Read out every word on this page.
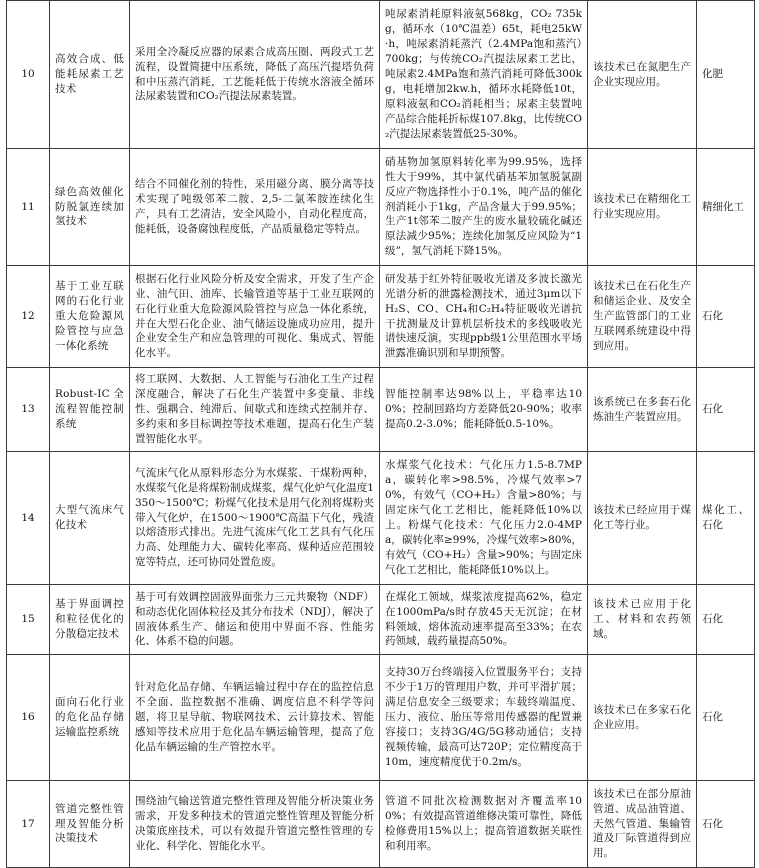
10	高效合成、低能耗尿素工艺技术	采用全冷凝反应器的尿素合成高压圈、两段式工艺流程，设置简捷中压系统，降低了高压汽提塔负荷和中压蒸汽消耗，工艺能耗低于传统水溶液全循环法尿素装置和CO₂汽提法尿素装置。	吨尿素消耗原料液氨568kg，CO₂ 735kg，循环水（10℃温差）65t，耗电25kW·h，吨尿素消耗蒸汽（2.4MPa饱和蒸汽）700kg；与传统CO₂汽提法尿素工艺比，吨尿素2.4MPa饱和蒸汽消耗可降低300kg，电耗增加2kw.h，循环水耗降低10t，原料液氨和CO₂消耗相当；尿素主装置吨产品综合能耗折标煤107.8kg，比传统CO₂汽提法尿素装置低25-30%。	该技术已在氮肥生产企业实现应用。	化肥
11	绿色高效催化防脱氯连续加氢技术	结合不同催化剂的特性，采用磁分离、膜分离等技术实现了吨级邻苯二胺、2,5-二氯苯胺连续化生产，具有工艺清洁，安全风险小，自动化程度高，能耗低，设备腐蚀程度低，产品质量稳定等特点。	硝基物加氢原料转化率为99.95%，选择性大于99%，其中氯代硝基苯加氢脱氯副反应产物选择性小于0.1%，吨产品的催化剂消耗小于1kg，产品含量大于99.95%；生产1t邻苯二胺产生的废水量较硫化碱还原法减少95%；连续化加氢反应风险为“1级”，氢气消耗下降15%。	该技术已在精细化工行业实现应用。	精细化工
12	基于工业互联网的石化行业重大危险源风险管控与应急一体化系统	根据石化行业风险分析及安全需求，开发了生产企业、油气田、油库、长输管道等基于工业互联网的石化行业重大危险源风险管控与应急一体化系统，并在大型石化企业、油气储运设施成功应用，提升企业安全生产和应急管理的可视化、集成式、智能化水平。	研发基于红外特征吸收光谱及多波长激光光谱分析的泄露检测技术，通过3μm以下H₂S、CO、CH₄和C₂H₄特征吸收光谱抗干扰测量及计算机层析技术的多线吸收光谱快速反演，实现ppb级1公里范围水平场泄露准确识别和早期预警。	该技术已在石化生产和储运企业、及安全生产监管部门的工业互联网系统建设中得到应用。	石化
13	Robust-IC全流程智能控制系统	将工联网、大数据、人工智能与石油化工生产过程深度融合，解决了石化生产装置中多变量、非线性、强耦合、纯滞后、间歇式和连续式控制并存、多约束和多目标调控等技术难题，提高石化生产装置智能化水平。	智能控制率达98%以上，平稳率达100%；控制回路均方差降低20-90%；收率提高0.2-3.0%；能耗降低0.5-10%。	该系统已在多套石化炼油生产装置应用。	石化
14	大型气流床气化技术	气流床气化从原料形态分为水煤浆、干煤粉两种，水煤浆气化是将煤粉制成煤浆，煤气化炉气化温度1350～1500℃；粉煤气化技术是用气化剂将煤粉夹带入气化炉，在1500～1900℃高温下气化，残渣以熔渣形式排出。先进气流床气化工艺具有气化压力高、处理能力大、碳转化率高、煤种适应范围较宽等特点，还可协同处置危废。	水煤浆气化技术：气化压力1.5-8.7MPa，碳转化率>98.5%，冷煤气效率>70%，有效气（CO+H₂）含量>80%；与固定床气化工艺相比，能耗降低10%以上。粉煤气化技术：气化压力2.0-4MPa，碳转化率≥99%，冷煤气效率>80%，有效气（CO+H₂）含量>90%；与固定床气化工艺相比，能耗降低10%以上。	该技术已经应用于煤化工等行业。	煤化工、石化
15	基于界面调控和粒径优化的分散稳定技术	基于可有效调控固液界面张力三元共聚物（NDF）和动态优化固体粒径及其分布技术（NDJ），解决了固液体系生产、储运和使用中界面不容、性能劣化、体系不稳的问题。	在煤化工领域，煤浆浓度提高62%，稳定在1000mPa/s时存放45天无沉淀；在材料领域，熔体流动速率提高至33%；在农药领域，载药量提高50%。	该技术已应用于化工、材料和农药领域。	石化
16	面向石化行业的危化品存储运输监控系统	针对危化品存储、车辆运输过程中存在的监控信息不全面、监控数据不准确、调度信息不科学等问题，将卫星导航、物联网技术、云计算技术、智能感知等技术应用于危化品车辆运输管理，提高了危化品车辆运输的生产管控水平。	支持30万台终端接入位置服务平台；支持不少于1万的管理用户数，并可平滑扩展；满足信息安全三级要求；车载终端温度、压力、液位、胎压等常用传感器的配置兼容接口；支持3G/4G/5G移动通信；支持视频传输，最高可达720P；定位精度高于10m，速度精度优于0.2m/s。	该技术已在多家石化企业应用。	石化
17	管道完整性管理及智能分析决策技术	围绕油气输送管道完整性管理及智能分析决策业务需求，开发多种技术的管道完整性管理及智能分析决策底座技术，可以有效提升管道完整性管理的专业化、科学化、智能化水平。	管道不同批次检测数据对齐覆盖率100%；有效提高管道维修决策可靠性，降低检修费用15%以上；提高管道数据关联性和利用率。	该技术已在部分原油管道、成品油管道、天然气管道、集输管道及厂际管道得到应用。	石化
